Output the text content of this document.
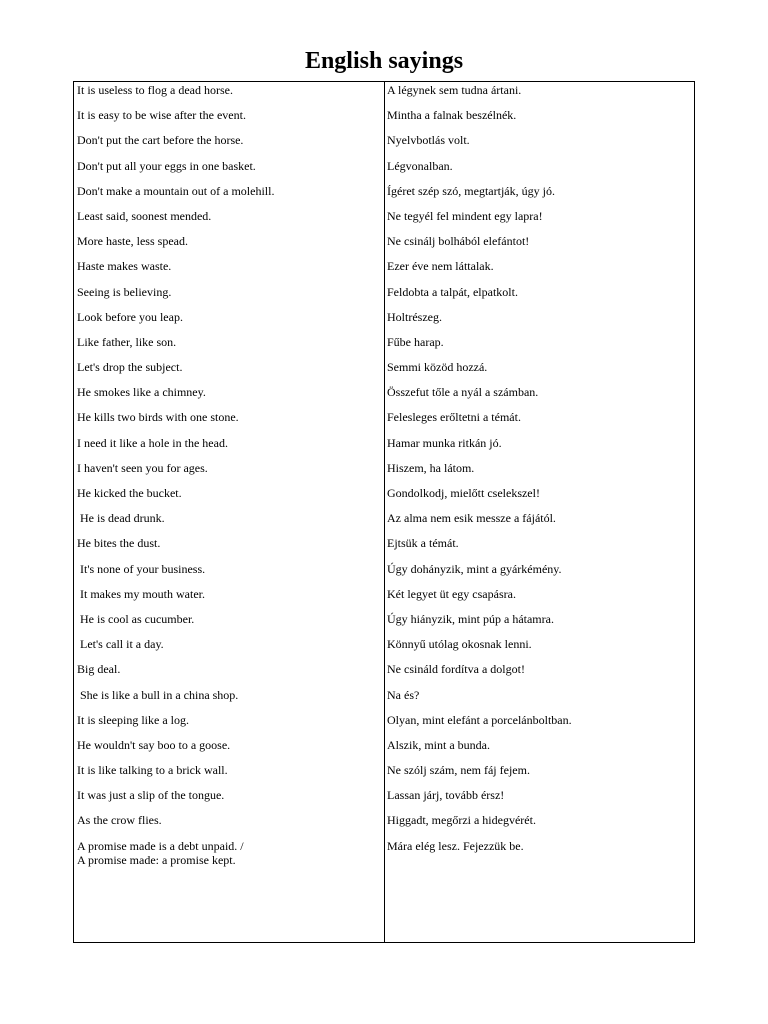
English sayings
It is useless to flog a dead horse.
It is easy to be wise after the event.
Don't put the cart before the horse.
Don't put all your eggs in one basket.
Don't make a mountain out of a molehill.
Least said, soonest mended.
More haste, less spead.
Haste makes waste.
Seeing is believing.
Look before you leap.
Like father, like son.
Let's drop the subject.
He smokes like a chimney.
He kills two birds with one stone.
I need it like a hole in the head.
I haven't seen you for ages.
He kicked the bucket.
He is dead drunk.
He bites the dust.
It's none of your business.
It makes my mouth water.
He is cool as cucumber.
Let's call it a day.
Big deal.
She is like a bull in a china shop.
It is sleeping like a log.
He wouldn't say boo to a goose.
It is like talking to a brick wall.
It was just a slip of the tongue.
As the crow flies.
A promise made is a debt unpaid. /
A promise made: a promise kept.
A légynek sem tudna ártani.
Mintha a falnak beszélnék.
Nyelvbotlás volt.
Légvonalban.
Ígéret szép szó, megtartják, úgy jó.
Ne tegyél fel mindent egy lapra!
Ne csinálj bolhából elefántot!
Ezer éve nem láttalak.
Feldobta a talpát, elpatkolt.
Holtrészeg.
Fűbe harap.
Semmi közöd hozzá.
Összefut tőle a nyál a számban.
Felesleges erőltetni a témát.
Hamar munka ritkán jó.
Hiszem, ha látom.
Gondolkodj, mielőtt cselekszel!
Az alma nem esik messze a fájától.
Ejtsük a témát.
Úgy dohányzik, mint a gyárkémény.
Két legyet üt egy csapásra.
Úgy hiányzik, mint púp a hátamra.
Könnyű utólag okosnak lenni.
Ne csináld fordítva a dolgot!
Na és?
Olyan, mint elefánt a porcelánboltban.
Alszik, mint a bunda.
Ne szólj szám, nem fáj fejem.
Lassan járj, tovább érsz!
Higgadt, megőrzi a hidegvérét.
Mára elég lesz. Fejezzük be.
